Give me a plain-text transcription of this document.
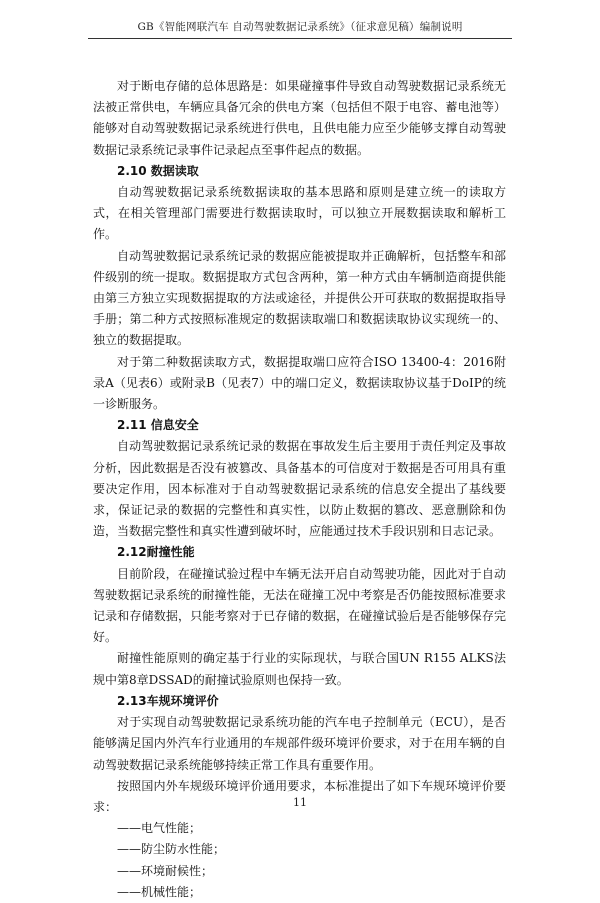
GB《智能网联汽车 自动驾驶数据记录系统》（征求意见稿）编制说明

对于断电存储的总体思路是：如果碰撞事件导致自动驾驶数据记录系统无法被正常供电，车辆应具备冗余的供电方案（包括但不限于电容、蓄电池等）能够对自动驾驶数据记录系统进行供电，且供电能力应至少能够支撑自动驾驶数据记录系统记录事件记录起点至事件起点的数据。

2.10 数据读取

自动驾驶数据记录系统数据读取的基本思路和原则是建立统一的读取方式，在相关管理部门需要进行数据读取时，可以独立开展数据读取和解析工作。

自动驾驶数据记录系统记录的数据应能被提取并正确解析，包括整车和部件级别的统一提取。数据提取方式包含两种，第一种方式由车辆制造商提供能由第三方独立实现数据提取的方法或途径，并提供公开可获取的数据提取指导手册；第二种方式按照标准规定的数据读取端口和数据读取协议实现统一的、独立的数据提取。

对于第二种数据读取方式，数据提取端口应符合ISO 13400-4：2016附录A（见表6）或附录B（见表7）中的端口定义，数据读取协议基于DoIP的统一诊断服务。

2.11 信息安全

自动驾驶数据记录系统记录的数据在事故发生后主要用于责任判定及事故分析，因此数据是否没有被篡改、具备基本的可信度对于数据是否可用具有重要决定作用，因本标准对于自动驾驶数据记录系统的信息安全提出了基线要求，保证记录的数据的完整性和真实性，以防止数据的篡改、恶意删除和伪造，当数据完整性和真实性遭到破坏时，应能通过技术手段识别和日志记录。

2.12耐撞性能

目前阶段，在碰撞试验过程中车辆无法开启自动驾驶功能，因此对于自动驾驶数据记录系统的耐撞性能，无法在碰撞工况中考察是否仍能按照标准要求记录和存储数据，只能考察对于已存储的数据，在碰撞试验后是否能够保存完好。

耐撞性能原则的确定基于行业的实际现状，与联合国UN R155 ALKS法规中第8章DSSAD的耐撞试验原则也保持一致。

2.13车规环境评价

对于实现自动驾驶数据记录系统功能的汽车电子控制单元（ECU），是否能够满足国内外汽车行业通用的车规部件级环境评价要求，对于在用车辆的自动驾驶数据记录系统能够持续正常工作具有重要作用。

按照国内外车规级环境评价通用要求，本标准提出了如下车规环境评价要求：

——电气性能；

——防尘防水性能；

——环境耐候性；

——机械性能；

11
